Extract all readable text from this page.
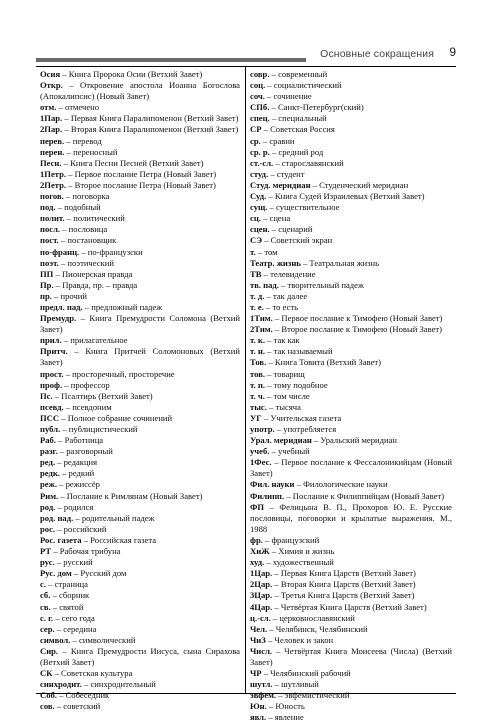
Основные сокращения 9

Осия – Книга Пророка Осии (Ветхий Завет)

Откр. – Откровение апостола Иоанна Богослова (Апокалипсис) (Новый Завет)

отм. – отмечено

1Пар. – Первая Книга Паралипоменон (Ветхий Завет)

2Пар. – Вторая Книга Паралипоменон (Ветхий Завет)

перев. – перевод

перен. – переносный

Песн. – Книга Песни Песней (Ветхий Завет)

1Петр. – Первое послание Петра (Новый Завет)

2Петр. – Второе послание Петра (Новый Завет)

погов. – поговорка

под. – подобный

полит. – политический

посл. – пословица

пост. – постановщик

по-франц. – по-французски

поэт. – поэтический

ПП – Пионерская правда

Пр. – Правда, пр. – правда

пр. – прочий

предл. пад. – предложный падеж

Премудр. – Книга Премудрости Соломона (Ветхий Завет)

прил. – прилагательное

Притч. – Книга Притчей Соломоновых (Ветхий Завет)

прост. – просторечный, просторечие

проф. – профессор

Пс. – Псалтирь (Ветхий Завет)

псевд. – псевдоним

ПСС – Полное собрание сочинений

публ. – публицистический

Раб. – Работница

разг. – разговорный

ред. – редакция

редк. – редкий

реж. – режиссёр

Рим. – Послание к Римлянам (Новый Завет)

род. – родился

род. пад. – родительный падеж

рос. – российский

Рос. газета – Российская газета

РТ – Рабочая трибуна

рус. – русский

Рус. дом – Русский дом

с. – страница

сб. – сборник

св. – святой

с. г. – сего года

сер. – середина

символ. – символический

Сир. – Книга Премудрости Иисуса, сына Сирахова (Ветхий Завет)

СК – Советская культура

синхродит. – синхродительный

Соб. – Собеседник

сов. – советский

совр. – современный

соц. – социалистический

соч. – сочинение

СПб. – Санкт-Петербург(ский)

спец. – специальный

СР – Советская Россия

ср. – сравни

ср. р. – средний род

ст.-сл. – старославянский

студ. – студент

Студ. меридиан – Студенческий меридиан

Суд. – Книга Судей Израилевых (Ветхий Завет)

сущ. – существительное

сц. – сцена

сцен. – сценарий

СЭ – Советский экран

т. – том

Театр. жизнь – Театральная жизнь

ТВ – телевидение

тв. пад. – творительный падеж

т. д. – так далее

т. е. – то есть

1Тим. – Первое послание к Тимофею (Новый Завет)

2Тим. – Второе послание к Тимофею (Новый Завет)

т. к. – так как

т. н. – так называемый

Тов. – Книга Товита (Ветхий Завет)

тов. – товарищ

т. п. – тому подобное

т. ч. – том числе

тыс. – тысяча

УГ – Учительская газета

употр. – употребляется

Урал. меридиан – Уральский меридиан

учеб. – учебный

1Фес. – Первое послание к Фессалоникийцам (Новый Завет)

Фил. науки – Филологические науки

Филипп. – Послание к Филиппийцам (Новый Завет)

ФП – Фелицына В. П., Прохоров Ю. Е. Русские пословицы, поговорки и крылатые выражения. М., 1988

фр. – французский

ХиЖ – Химия и жизнь

худ. – художественный

1Цар. – Первая Книга Царств (Ветхий Завет)

2Цар. – Вторая Книга Царств (Ветхий Завет)

3Цар. – Третья Книга Царств (Ветхий Завет)

4Цар. – Четвёртая Книга Царств (Ветхий Завет)

ц.-сл. – церковнославянский

Чел. – Челябинск, Челябинский

ЧиЗ – Человек и закон

Числ. – Четвёртая Книга Моисеева (Числа) (Ветхий Завет)

ЧР – Челябинский рабочий

шутл. – шутливый

эвфем. – эвфемистический

Юн. – Юность

явл. – явление
